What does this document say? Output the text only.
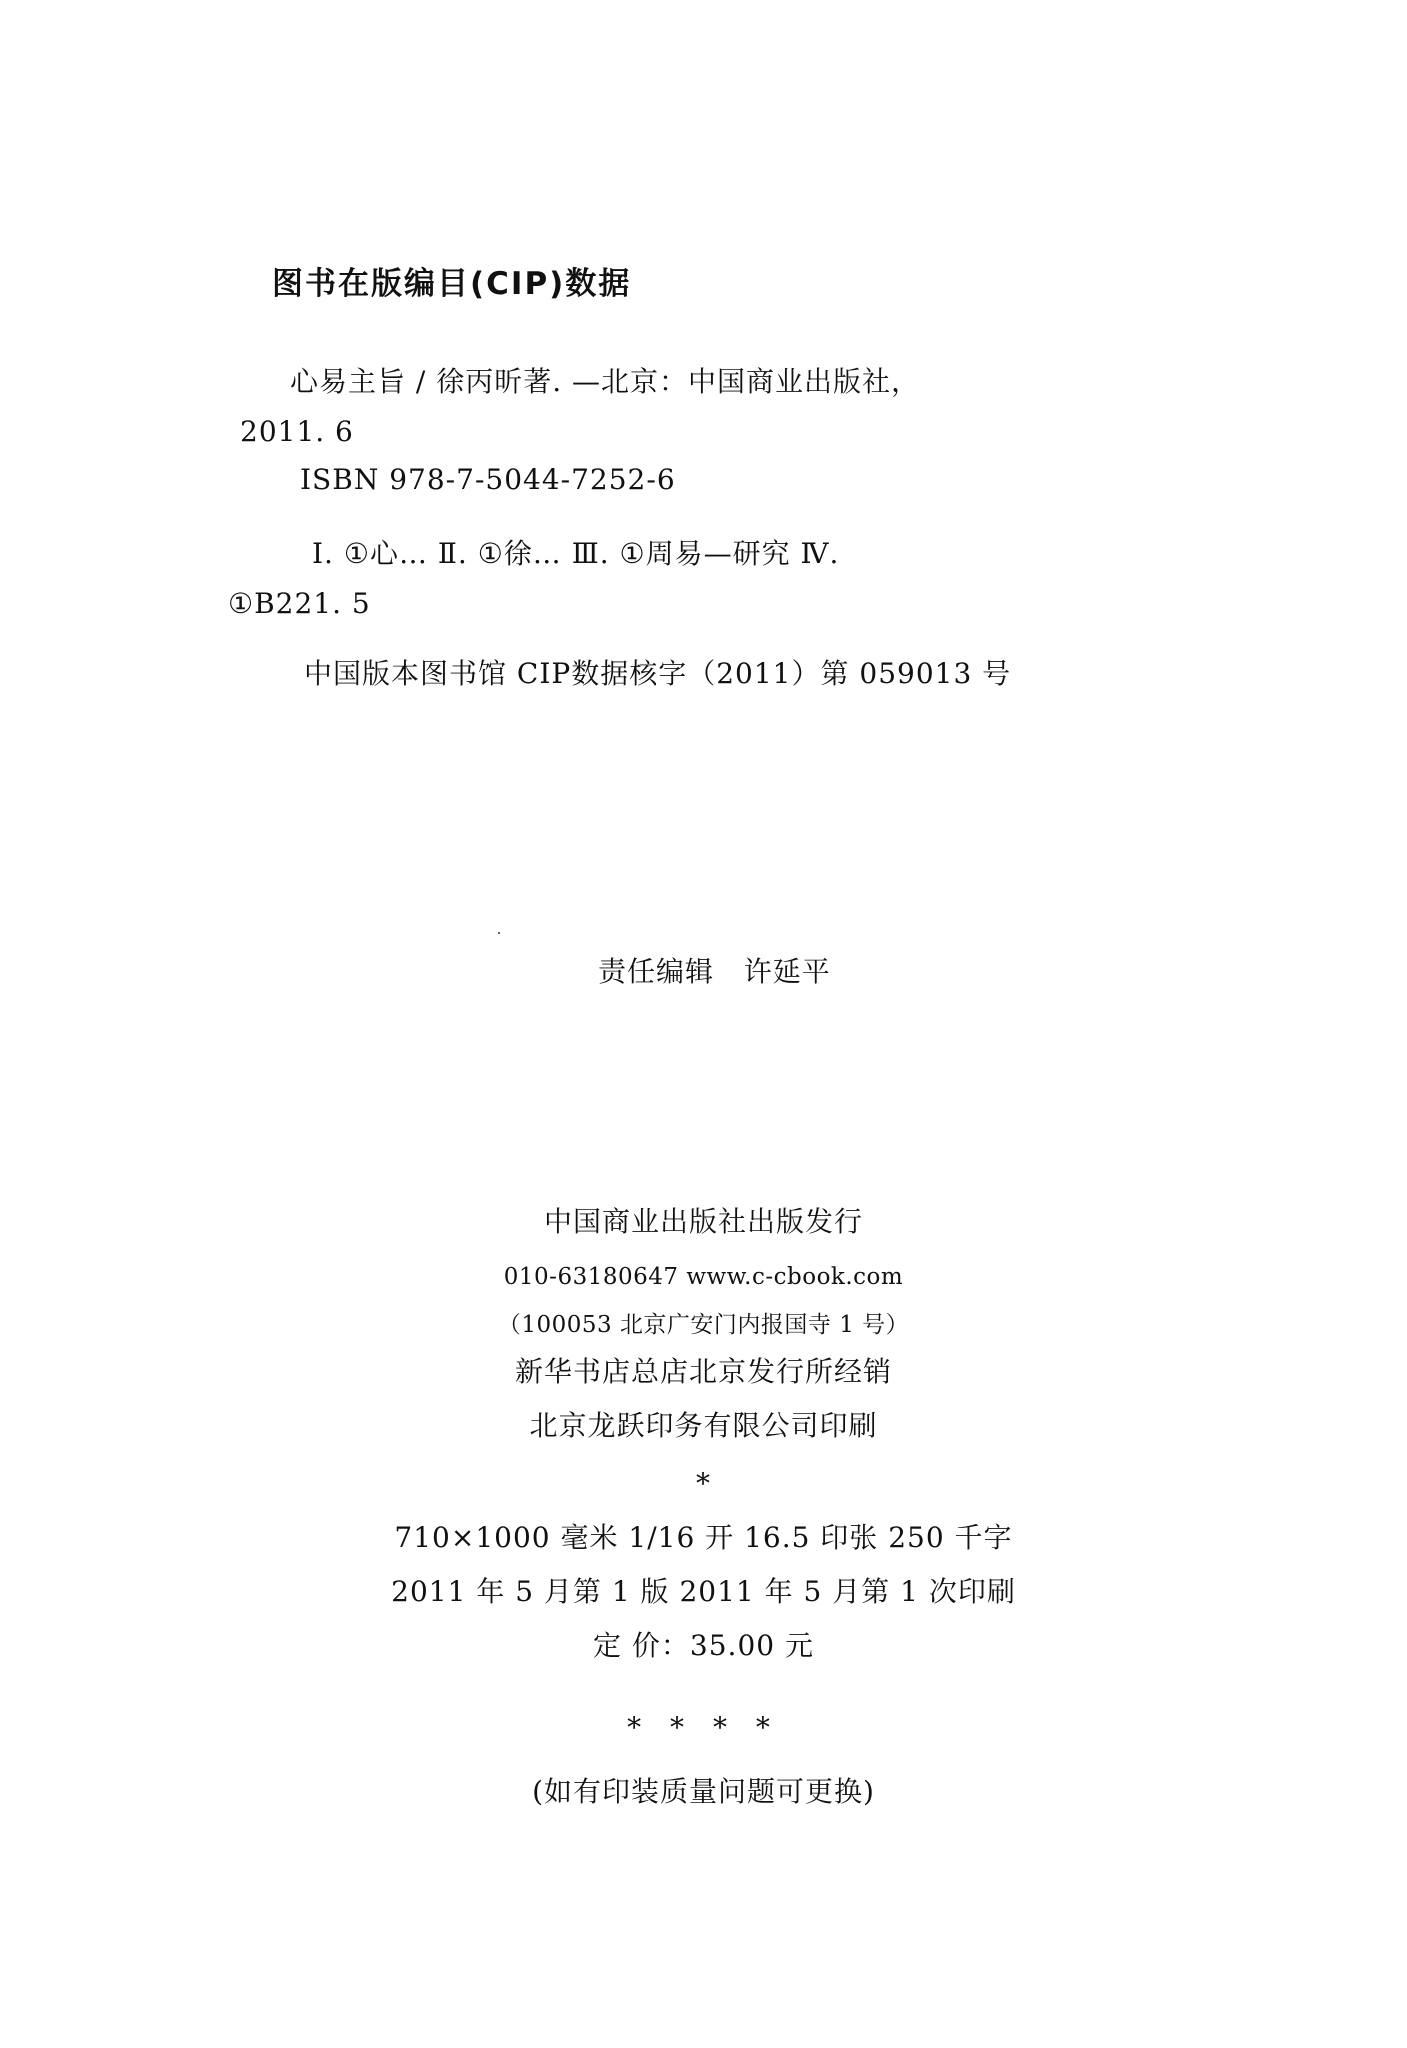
图书在版编目(CIP)数据
心易主旨 / 徐丙昕著. —北京：中国商业出版社，
2011. 6
ISBN 978-7-5044-7252-6
Ⅰ. ①心… Ⅱ. ①徐… Ⅲ. ①周易—研究 Ⅳ.
①B221. 5
中国版本图书馆 CIP数据核字（2011）第 059013 号
责任编辑 许延平
中国商业出版社出版发行
010-63180647 www.c-cbook.com
（100053 北京广安门内报国寺 1 号）
新华书店总店北京发行所经销
北京龙跃印务有限公司印刷
*
710×1000 毫米 1/16 开 16.5 印张 250 千字
2011 年 5 月第 1 版 2011 年 5 月第 1 次印刷
定 价：35.00 元
* * * *
(如有印装质量问题可更换)
